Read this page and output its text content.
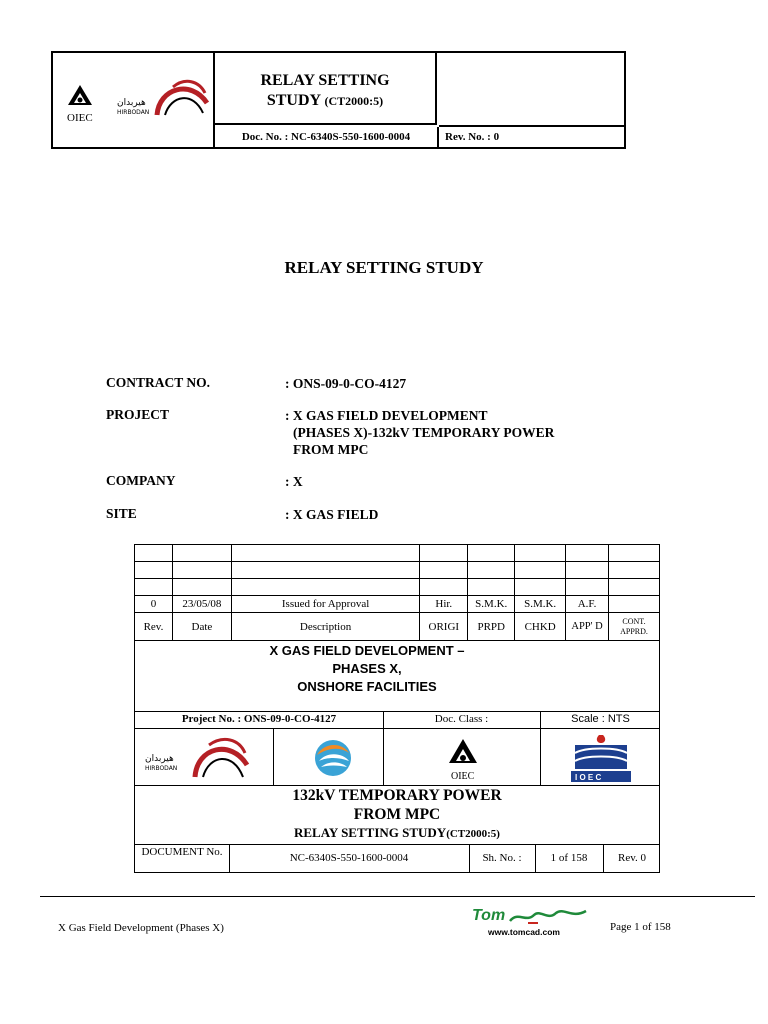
OIEC
هیربدان
HIRBODAN
RELAY SETTING
STUDY (CT2000:5)
Doc. No. : NC-6340S-550-1600-0004	Rev. No. : 0
RELAY SETTING STUDY
CONTRACT NO.	: ONS-09-0-CO-4127
PROJECT	: X GAS FIELD DEVELOPMENT
(PHASES X)-132kV TEMPORARY POWER
FROM MPC
COMPANY	: X
SITE	: X GAS FIELD

0	23/05/08	Issued for Approval	Hir.	S.M.K.	S.M.K.	A.F.	
Rev.	Date	Description	ORIGI	PRPD	CHKD	APP' D	CONT. APPRD.
X GAS FIELD DEVELOPMENT –
PHASES X,
ONSHORE FACILITIES
Project No. : ONS-09-0-CO-4127	Doc. Class :	Scale : NTS
هیربدان
HIRBODAN
OIEC	I O E C
132kV TEMPORARY POWER
FROM MPC
RELAY SETTING STUDY(CT2000:5)
DOCUMENT No.	NC-6340S-550-1600-0004	Sh. No. :	1 of 158	Rev. 0
X Gas Field Development (Phases X)
Tom
www.tomcad.com	Page 1 of 158
